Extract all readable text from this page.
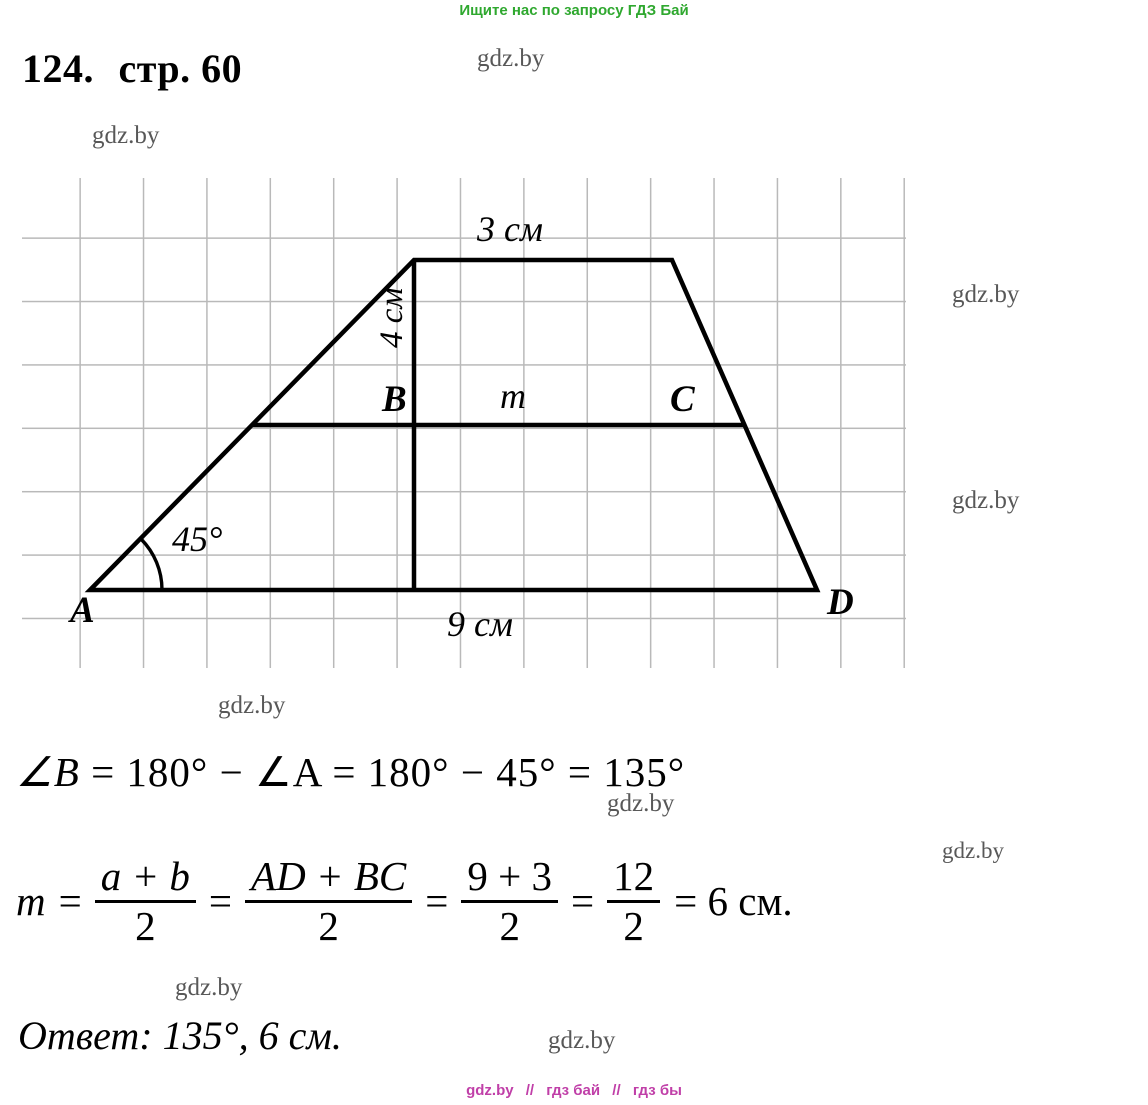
Ищите нас по запросу ГДЗ Бай
gdz.by
gdz.by
gdz.by
gdz.by
gdz.by
gdz.by
gdz.by
gdz.by
gdz.by
124. стр. 60
B	C
A	D
3 см
9 см
4 см
m
45°
∠B = 180° − ∠A = 180° − 45° = 135°
$m = \frac{a + b}{2} = \frac{AD + BC}{2} = \frac{9 + 3}{2} = \frac{12}{2} = 6$ см.
Ответ: 135°, 6 см.
gdz.by // гдз бай // гдз бы
